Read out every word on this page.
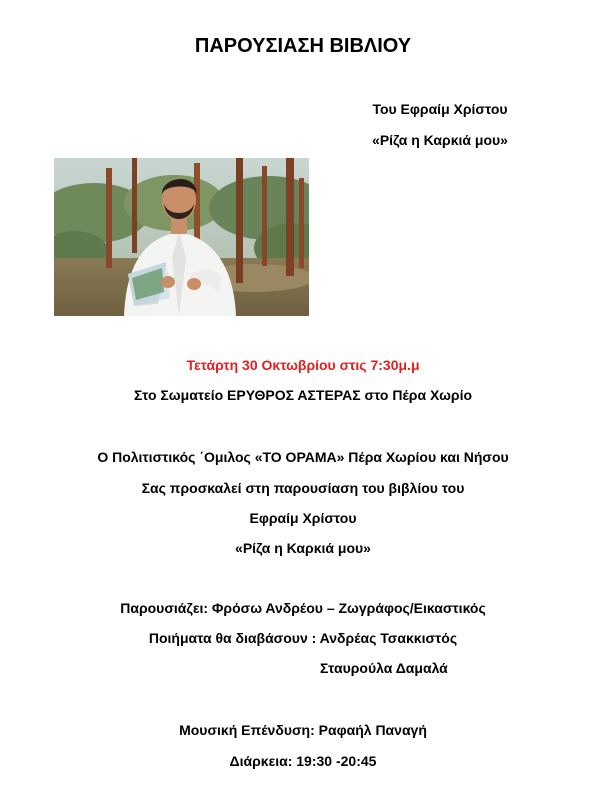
ΠΑΡΟΥΣΙΑΣΗ ΒΙΒΛΙΟΥ
Του Εφραίμ Χρίστου
«Ρίζα η Καρκιά μου»
Τετάρτη 30 Οκτωβρίου στις 7:30μ.μ
Στο Σωματείο ΕΡΥΘΡΟΣ ΑΣΤΕΡΑΣ στο Πέρα Χωρίο
Ο Πολιτιστικός ΄Ομιλος «ΤΟ ΟΡΑΜΑ» Πέρα Χωρίου και Νήσου
Σας προσκαλεί στη παρουσίαση του βιβλίου του
Εφραίμ Χρίστου
«Ρίζα η Καρκιά μου»
Παρουσιάζει: Φρόσω Ανδρέου – Ζωγράφος/Εικαστικός
Ποιήματα θα διαβάσουν : Ανδρέας Τσακκιστός
Σταυρούλα Δαμαλά
Μουσική Επένδυση: Ραφαήλ Παναγή
Διάρκεια: 19:30 -20:45
